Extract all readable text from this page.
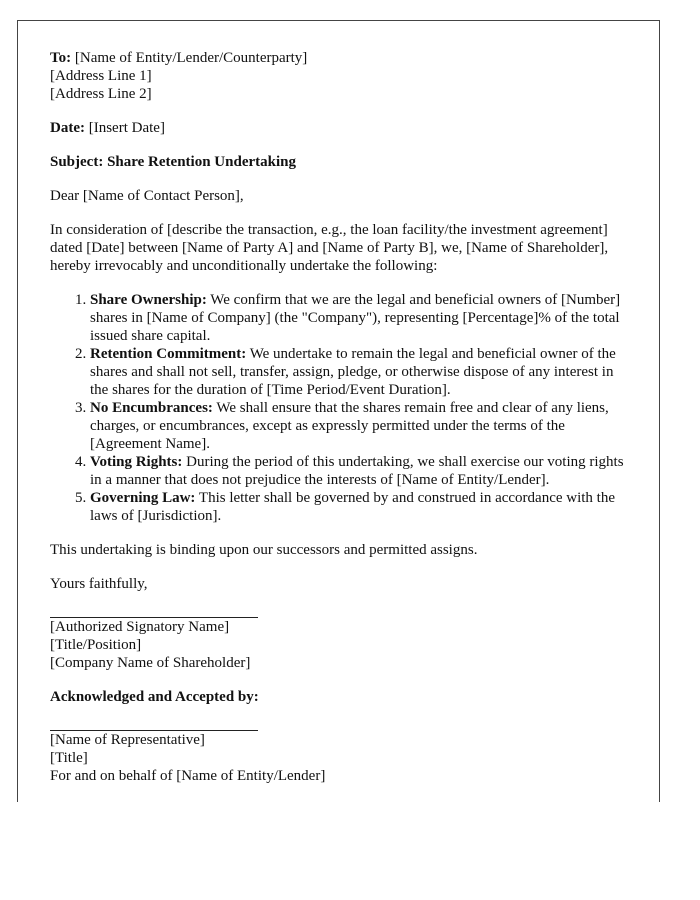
To: [Name of Entity/Lender/Counterparty]
[Address Line 1]
[Address Line 2]

Date: [Insert Date]

Subject: Share Retention Undertaking

Dear [Name of Contact Person],

In consideration of [describe the transaction, e.g., the loan facility/the investment agreement] dated [Date] between [Name of Party A] and [Name of Party B], we, [Name of Shareholder], hereby irrevocably and unconditionally undertake the following:

1. Share Ownership: We confirm that we are the legal and beneficial owners of [Number] shares in [Name of Company] (the "Company"), representing [Percentage]% of the total issued share capital.
2. Retention Commitment: We undertake to remain the legal and beneficial owner of the shares and shall not sell, transfer, assign, pledge, or otherwise dispose of any interest in the shares for the duration of [Time Period/Event Duration].
3. No Encumbrances: We shall ensure that the shares remain free and clear of any liens, charges, or encumbrances, except as expressly permitted under the terms of the [Agreement Name].
4. Voting Rights: During the period of this undertaking, we shall exercise our voting rights in a manner that does not prejudice the interests of [Name of Entity/Lender].
5. Governing Law: This letter shall be governed by and construed in accordance with the laws of [Jurisdiction].

This undertaking is binding upon our successors and permitted assigns.

Yours faithfully,

[Authorized Signatory Name]
[Title/Position]
[Company Name of Shareholder]

Acknowledged and Accepted by:

[Name of Representative]
[Title]
For and on behalf of [Name of Entity/Lender]
